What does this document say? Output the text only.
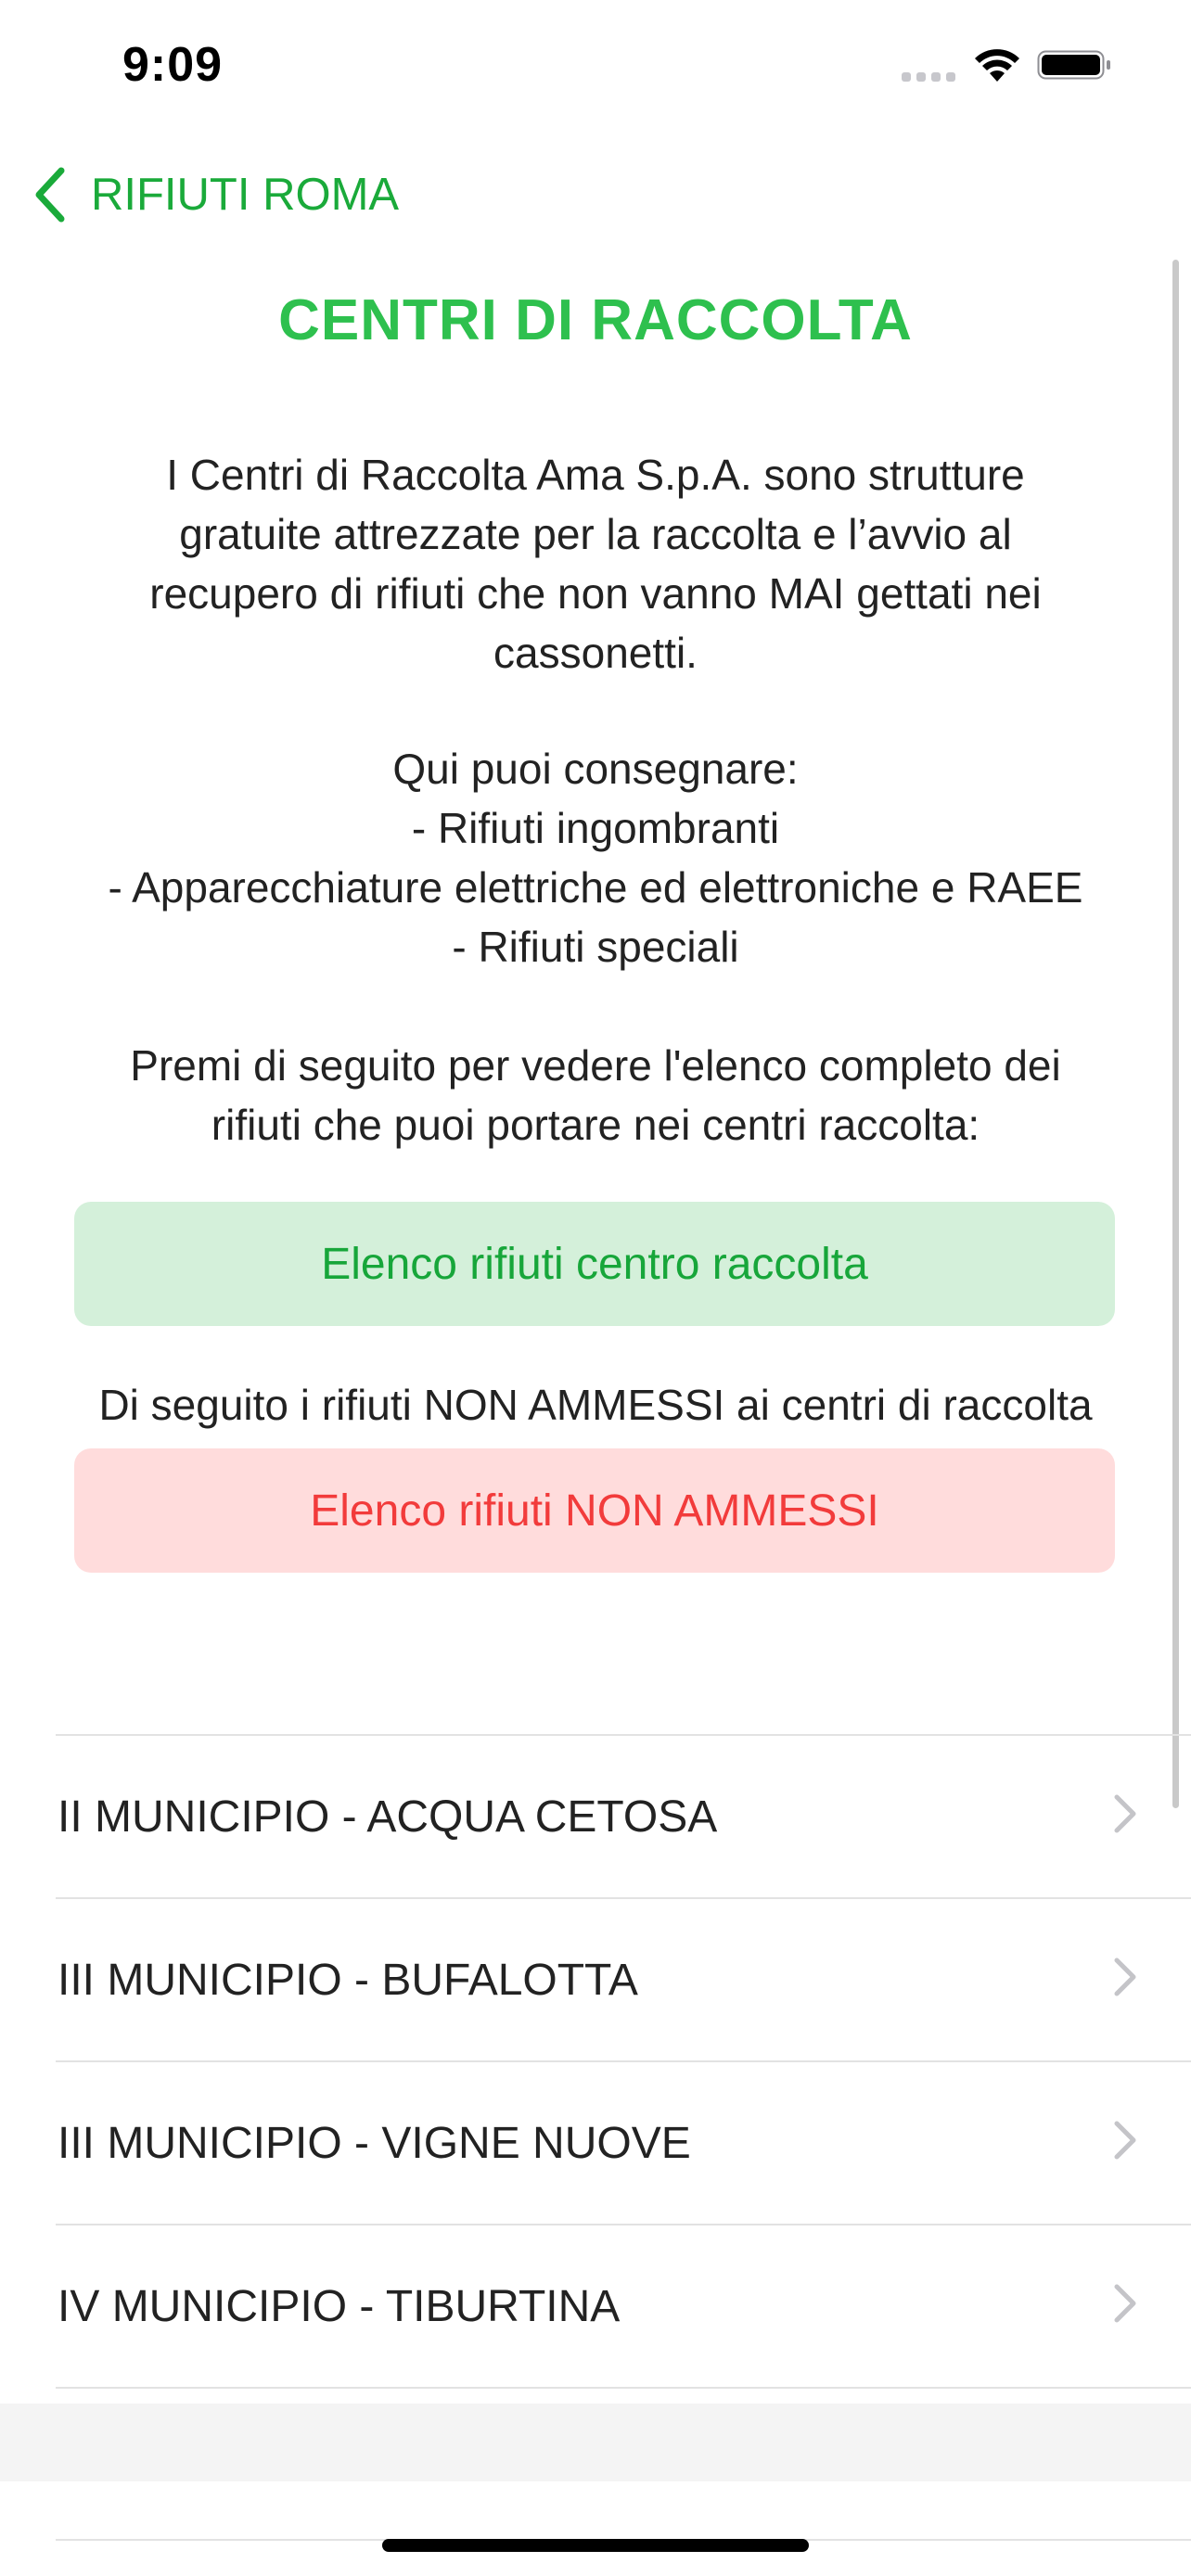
9:09
RIFIUTI ROMA
CENTRI DI RACCOLTA
I Centri di Raccolta Ama S.p.A. sono strutture
gratuite attrezzate per la raccolta e l’avvio al
recupero di rifiuti che non vanno MAI gettati nei
cassonetti.
Qui puoi consegnare:
- Rifiuti ingombranti
- Apparecchiature elettriche ed elettroniche e RAEE
- Rifiuti speciali
Premi di seguito per vedere l'elenco completo dei
rifiuti che puoi portare nei centri raccolta:
Elenco rifiuti centro raccolta
Di seguito i rifiuti NON AMMESSI ai centri di raccolta
Elenco rifiuti NON AMMESSI
II MUNICIPIO - ACQUA CETOSA
III MUNICIPIO - BUFALOTTA
III MUNICIPIO - VIGNE NUOVE
IV MUNICIPIO - TIBURTINA
